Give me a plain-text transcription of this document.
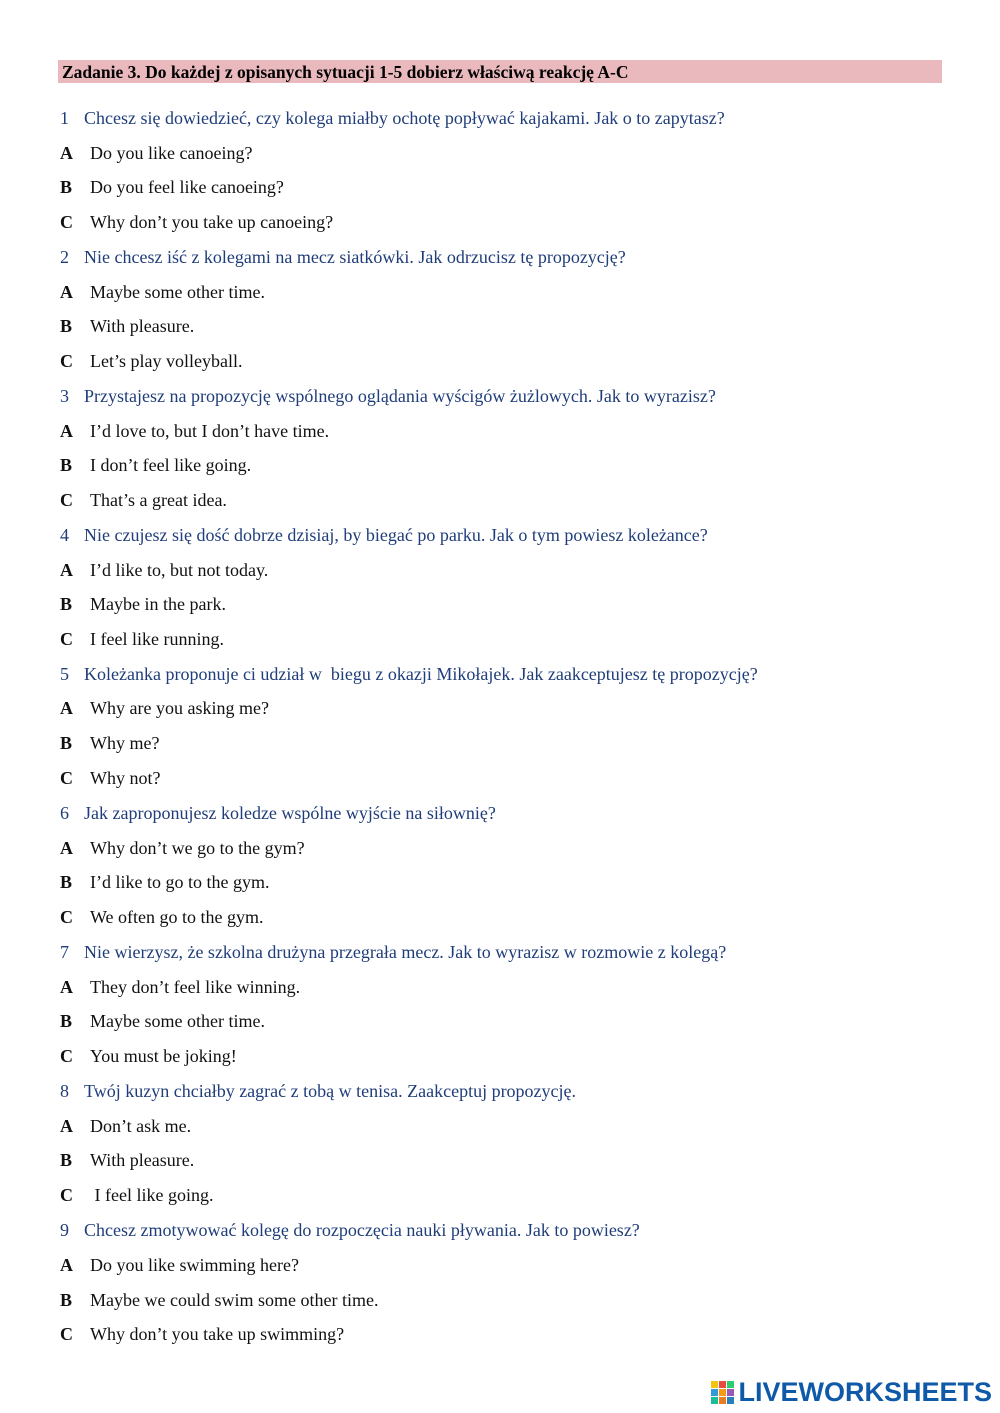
Zadanie 3. Do każdej z opisanych sytuacji 1-5 dobierz właściwą reakcję A-C
1 Chcesz się dowiedzieć, czy kolega miałby ochotę popływać kajakami. Jak o to zapytasz?
A Do you like canoeing?
B Do you feel like canoeing?
C Why don’t you take up canoeing?
2 Nie chcesz iść z kolegami na mecz siatkówki. Jak odrzucisz tę propozycję?
A Maybe some other time.
B With pleasure.
C Let’s play volleyball.
3 Przystajesz na propozycję wspólnego oglądania wyścigów żużlowych. Jak to wyrazisz?
A I’d love to, but I don’t have time.
B I don’t feel like going.
C That’s a great idea.
4 Nie czujesz się dość dobrze dzisiaj, by biegać po parku. Jak o tym powiesz koleżance?
A I’d like to, but not today.
B Maybe in the park.
C I feel like running.
5 Koleżanka proponuje ci udział w  biegu z okazji Mikołajek. Jak zaakceptujesz tę propozycję?
A Why are you asking me?
B Why me?
C Why not?
6 Jak zaproponujesz koledze wspólne wyjście na siłownię?
A Why don’t we go to the gym?
B I’d like to go to the gym.
C We often go to the gym.
7 Nie wierzysz, że szkolna drużyna przegrała mecz. Jak to wyrazisz w rozmowie z kolegą?
A They don’t feel like winning.
B Maybe some other time.
C You must be joking!
8 Twój kuzyn chciałby zagrać z tobą w tenisa. Zaakceptuj propozycję.
A Don’t ask me.
B With pleasure.
C I feel like going.
9 Chcesz zmotywować kolegę do rozpoczęcia nauki pływania. Jak to powiesz?
A Do you like swimming here?
B Maybe we could swim some other time.
C Why don’t you take up swimming?
LIVEWORKSHEETS
